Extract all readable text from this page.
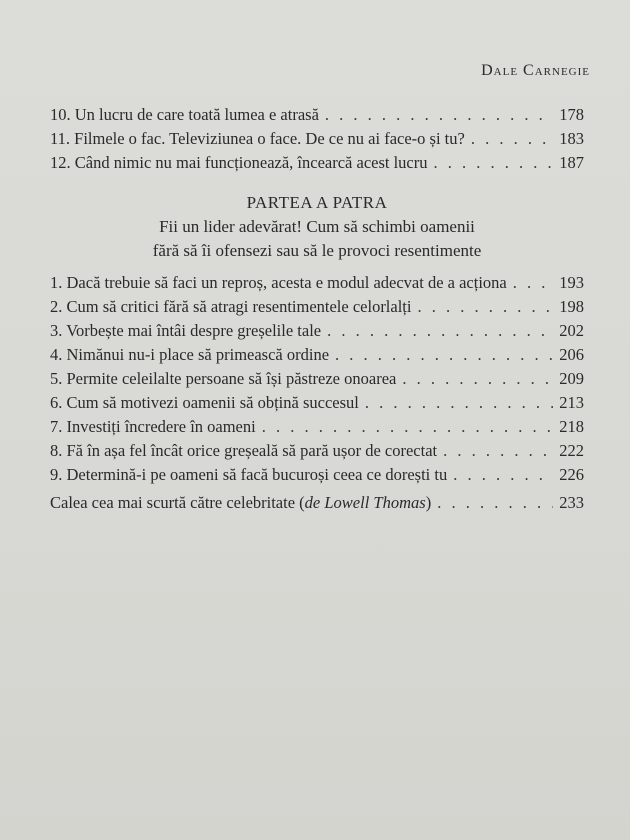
Dale Carnegie
10. Un lucru de care toată lumea e atrasă . . .	178
11. Filmele o fac. Televiziunea o face. De ce nu ai face-o și tu? . . .	183
12. Când nimic nu mai funcționează, încearcă acest lucru . . .	187
PARTEA A PATRA
Fii un lider adevărat! Cum să schimbi oamenii
fără să îi ofensezi sau să le provoci resentimente
1. Dacă trebuie să faci un reproș, acesta e modul adecvat de a acționa . . .	193
2. Cum să critici fără să atragi resentimentele celorlalți . . .	198
3. Vorbește mai întâi despre greșelile tale . . .	202
4. Nimănui nu-i place să primească ordine . . .	206
5. Permite celeilalte persoane să își păstreze onoarea . . .	209
6. Cum să motivezi oamenii să obțină succesul . . .	213
7. Investiți încredere în oameni . . .	218
8. Fă în așa fel încât orice greșeală să pară ușor de corectat . . .	222
9. Determină-i pe oameni să facă bucuroși ceea ce dorești tu . . .	226
Calea cea mai scurtă către celebritate (de Lowell Thomas) . . .	233
